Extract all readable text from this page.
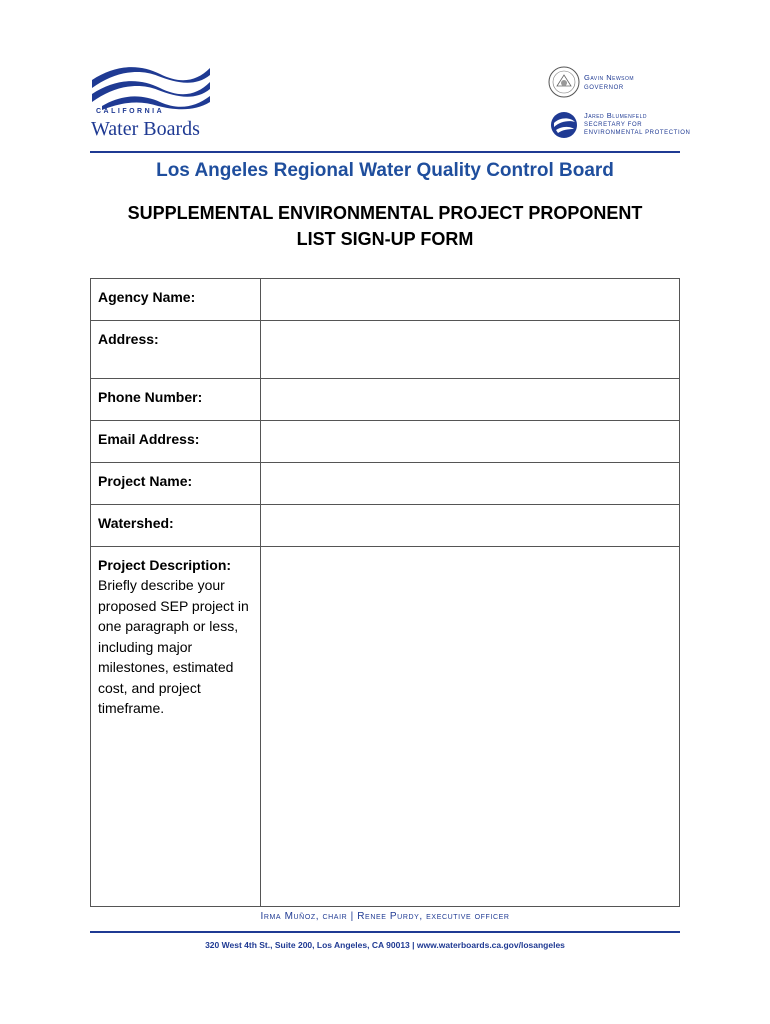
CALIFORNIA
Water Boards
Gavin Newsom
GOVERNOR
Jared Blumenfeld
SECRETARY FOR
ENVIRONMENTAL PROTECTION
Los Angeles Regional Water Quality Control Board
SUPPLEMENTAL ENVIRONMENTAL PROJECT PROPONENT
LIST SIGN-UP FORM
Agency Name:	
Address:	
Phone Number:	
Email Address:	
Project Name:	
Watershed:	
Project Description:
Briefly describe your proposed SEP project in one paragraph or less, including major milestones, estimated cost, and project timeframe.	

Irma Muñoz, chair | Renee Purdy, executive officer
320 West 4th St., Suite 200, Los Angeles, CA 90013 | www.waterboards.ca.gov/losangeles
